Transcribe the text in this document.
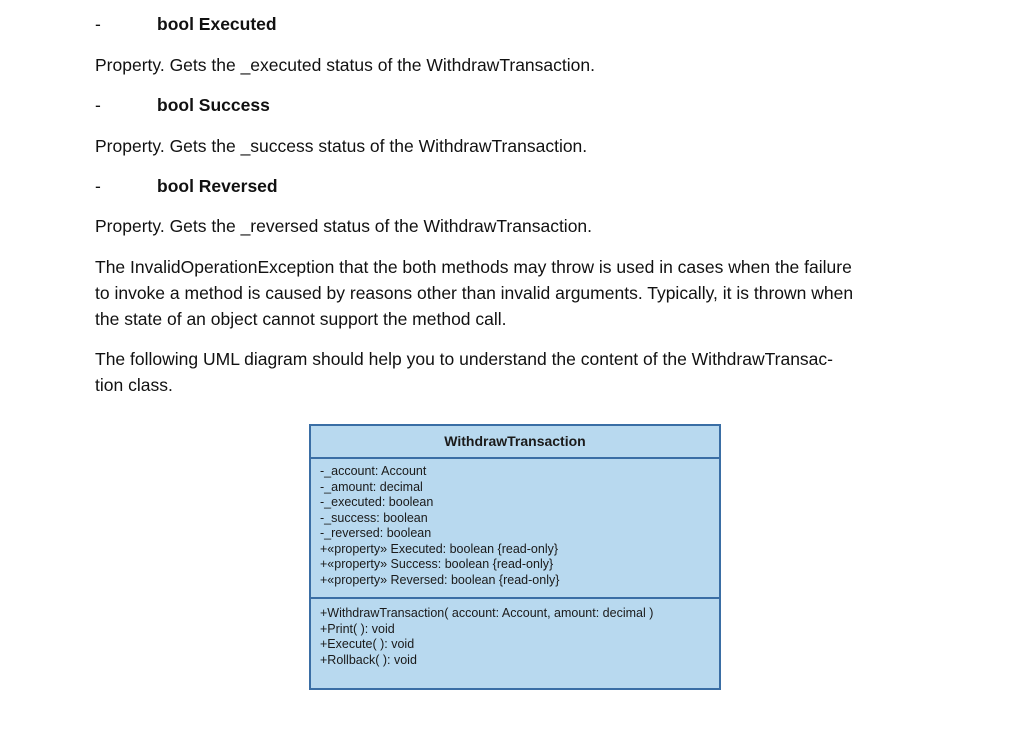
-	bool Executed

Property. Gets the _executed status of the WithdrawTransaction.

-	bool Success

Property. Gets the _success status of the WithdrawTransaction.

-	bool Reversed

Property. Gets the _reversed status of the WithdrawTransaction.

The InvalidOperationException that the both methods may throw is used in cases when the failure
to invoke a method is caused by reasons other than invalid arguments. Typically, it is thrown when
the state of an object cannot support the method call.

The following UML diagram should help you to understand the content of the WithdrawTransac-
tion class.

WithdrawTransaction
-_account: Account
-_amount: decimal
-_executed: boolean
-_success: boolean
-_reversed: boolean
+«property» Executed: boolean {read-only}
+«property» Success: boolean {read-only}
+«property» Reversed: boolean {read-only}
+WithdrawTransaction( account: Account, amount: decimal )
+Print( ): void
+Execute( ): void
+Rollback( ): void
